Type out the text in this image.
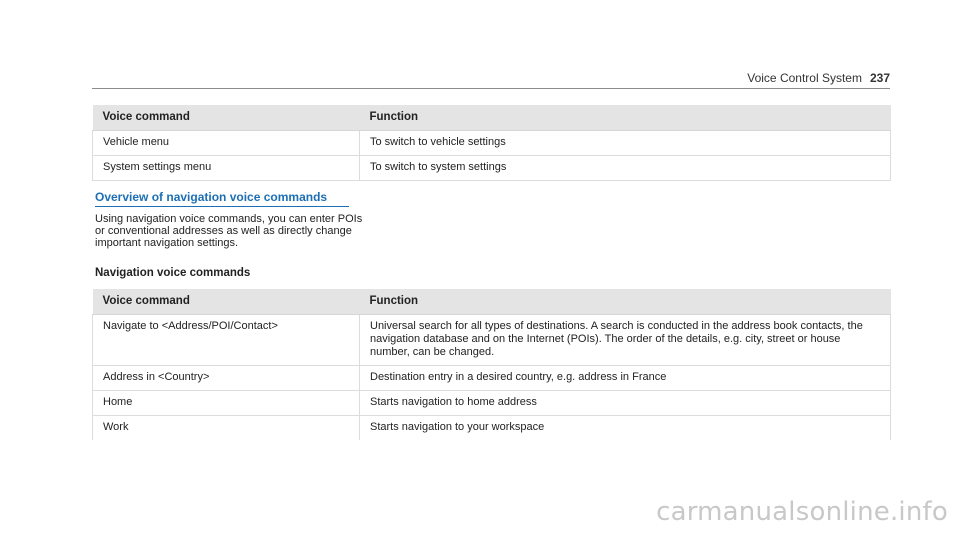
Voice Control System 237
Voice command	Function
Vehicle menu	To switch to vehicle settings
System settings menu	To switch to system settings
Overview of navigation voice commands

Using navigation voice commands, you can enter POIs or conventional addresses as well as directly change important navigation settings.

Navigation voice commands
Voice command	Function
Navigate to <Address/POI/Contact>	Universal search for all types of destinations. A search is conducted in the address book contacts, the navigation database and on the Internet (POIs). The order of the details, e.g. city, street or house number, can be changed.
Address in <Country>	Destination entry in a desired country, e.g. address in France
Home	Starts navigation to home address
Work	Starts navigation to your workspace
carmanualsonline.info
